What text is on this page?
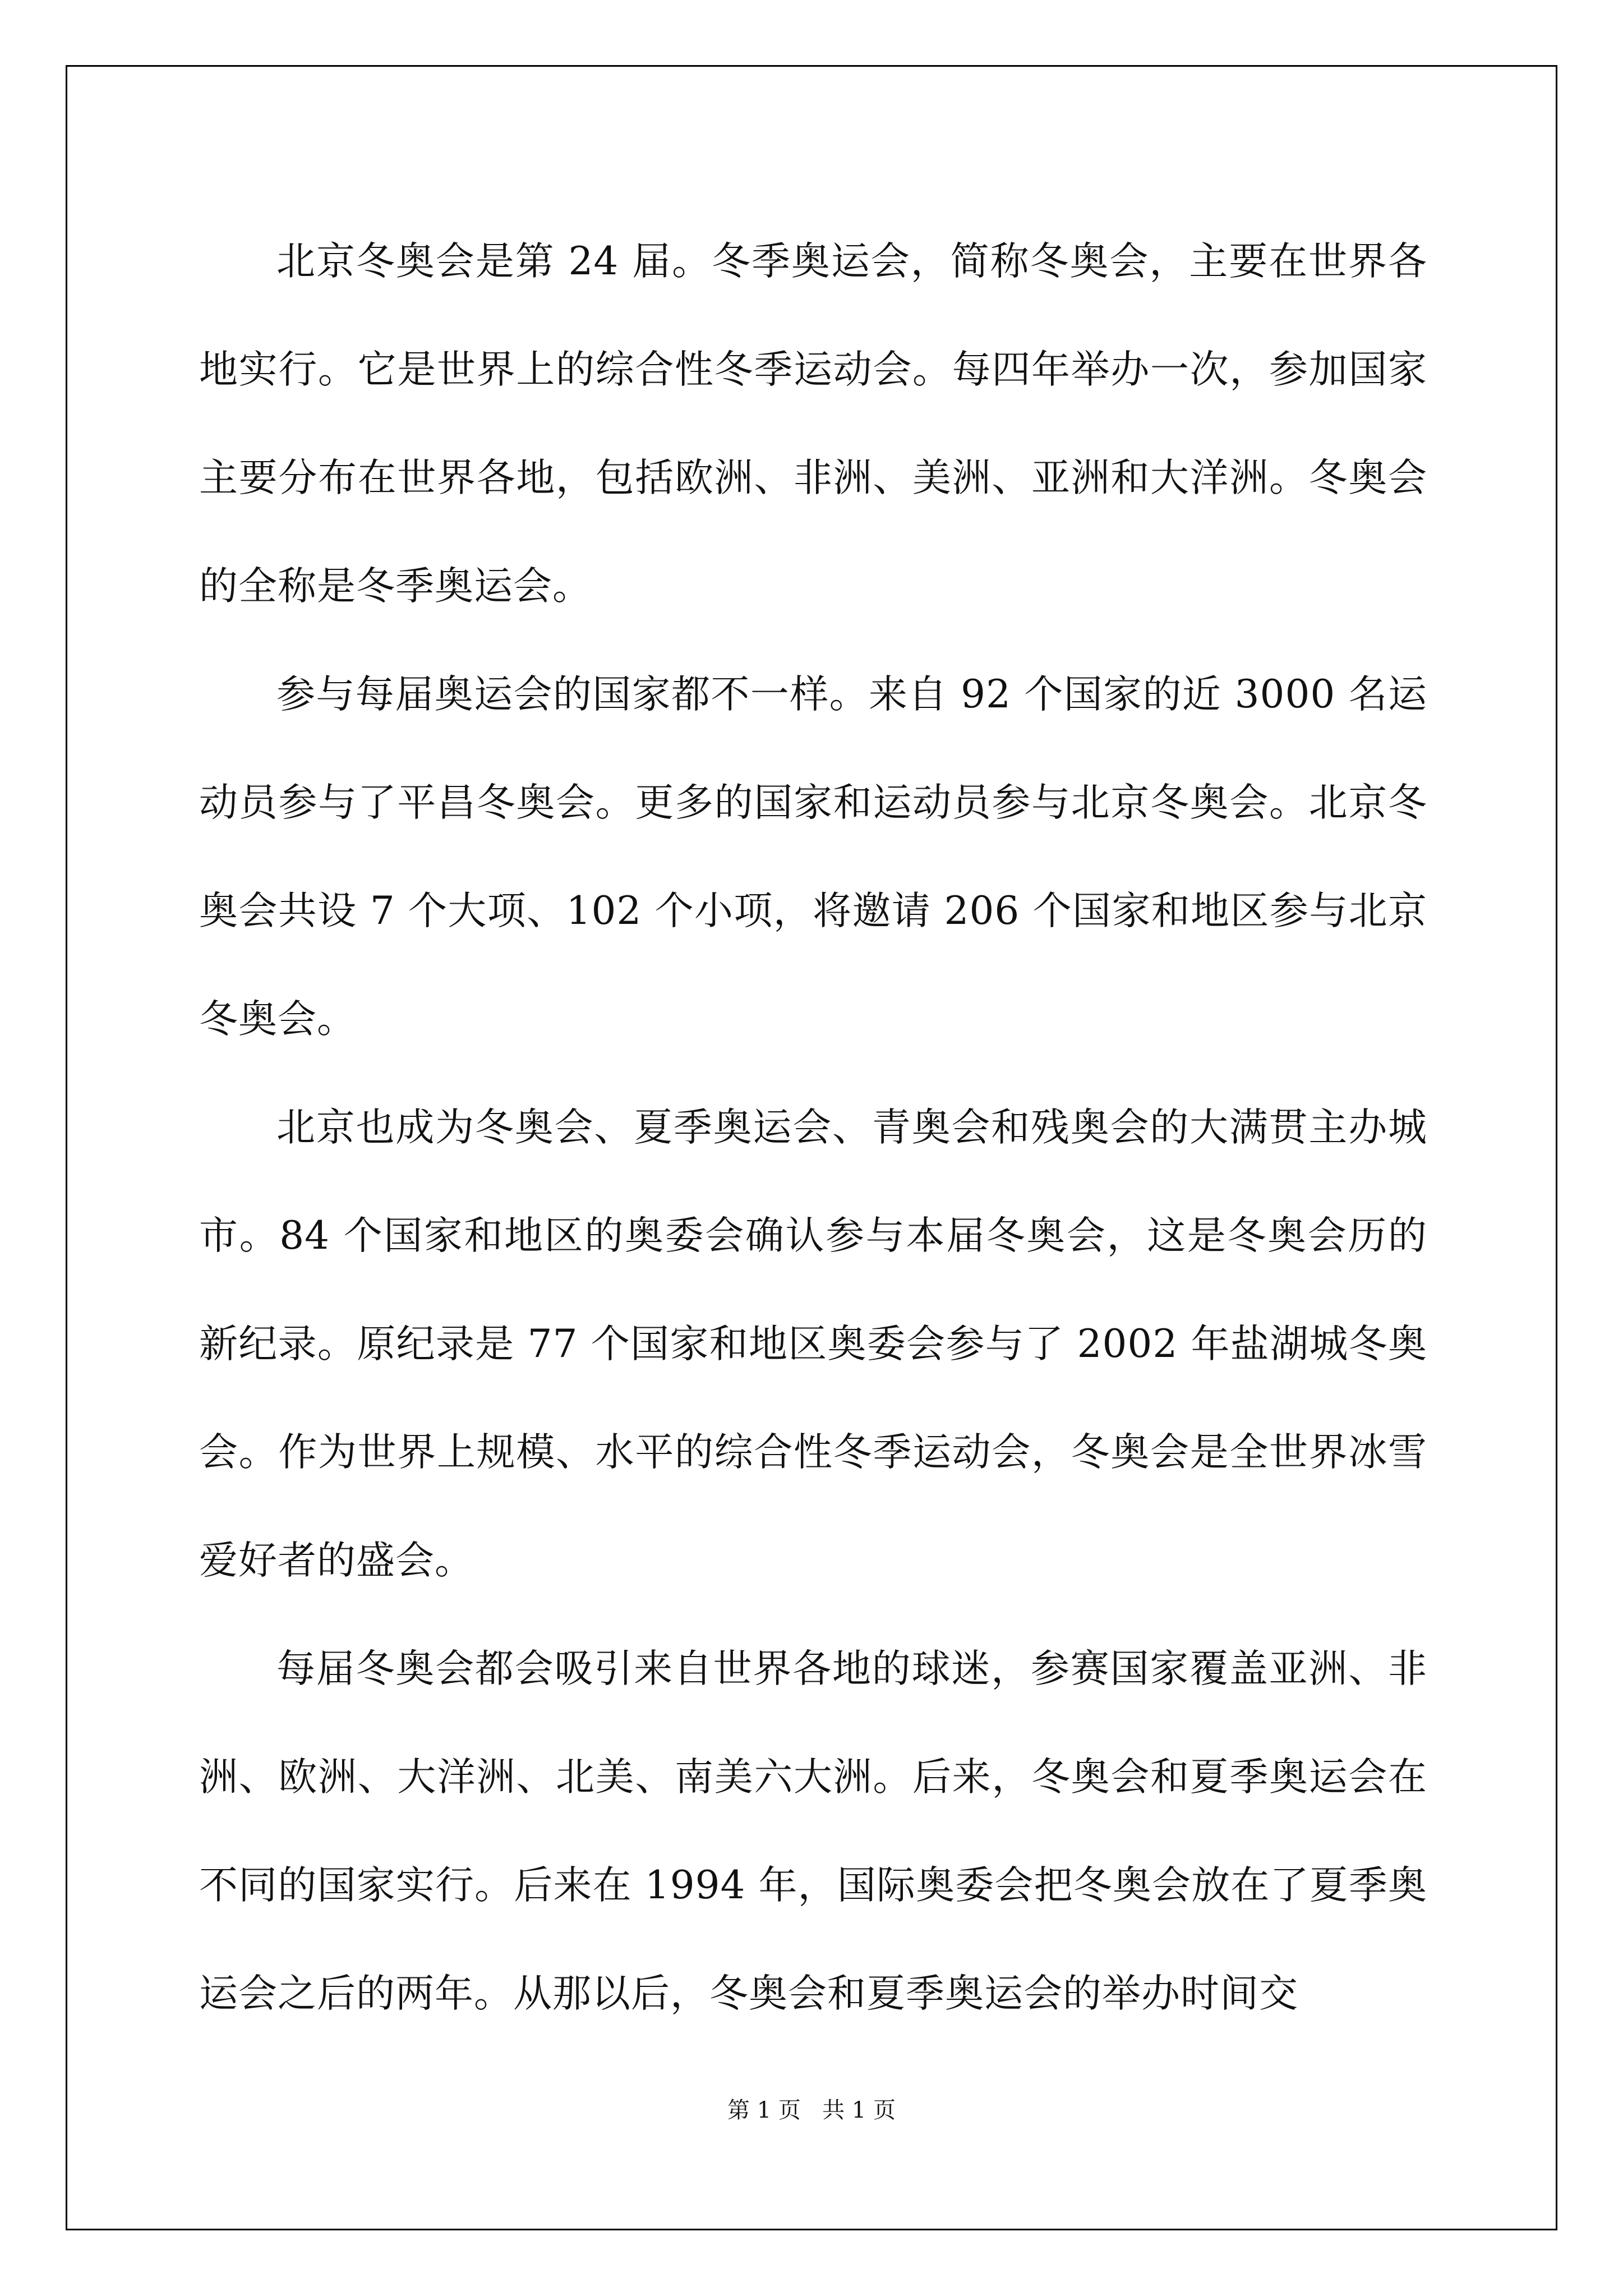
北京冬奥会是第 24 届。冬季奥运会，简称冬奥会，主要在世界各地实行。它是世界上的综合性冬季运动会。每四年举办一次，参加国家主要分布在世界各地，包括欧洲、非洲、美洲、亚洲和大洋洲。冬奥会的全称是冬季奥运会。

参与每届奥运会的国家都不一样。来自 92 个国家的近 3000 名运动员参与了平昌冬奥会。更多的国家和运动员参与北京冬奥会。北京冬奥会共设 7 个大项、102 个小项，将邀请 206 个国家和地区参与北京冬奥会。

北京也成为冬奥会、夏季奥运会、青奥会和残奥会的大满贯主办城市。84 个国家和地区的奥委会确认参与本届冬奥会，这是冬奥会历的新纪录。原纪录是 77 个国家和地区奥委会参与了 2002 年盐湖城冬奥会。作为世界上规模、水平的综合性冬季运动会，冬奥会是全世界冰雪爱好者的盛会。

每届冬奥会都会吸引来自世界各地的球迷，参赛国家覆盖亚洲、非洲、欧洲、大洋洲、北美、南美六大洲。后来，冬奥会和夏季奥运会在不同的国家实行。后来在 1994 年，国际奥委会把冬奥会放在了夏季奥运会之后的两年。从那以后，冬奥会和夏季奥运会的举办时间交

第 1 页   共 1 页
